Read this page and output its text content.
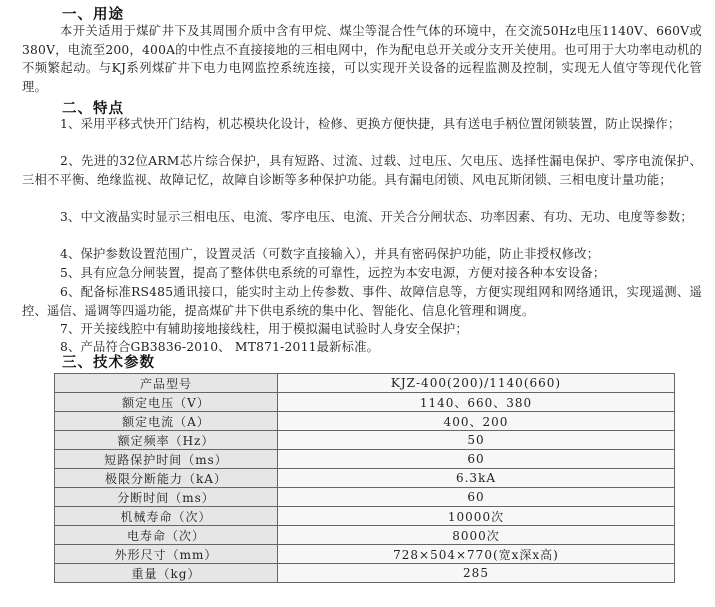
一、用途
本开关适用于煤矿井下及其周围介质中含有甲烷、煤尘等混合性气体的环境中，在交流50Hz电压1140V、660V或380V，电流至200，400A的中性点不直接接地的三相电网中，作为配电总开关或分支开关使用。也可用于大功率电动机的不频繁起动。与KJ系列煤矿井下电力电网监控系统连接，可以实现开关设备的远程监测及控制，实现无人值守等现代化管理。
二、特点
1、采用平移式快开门结构，机芯模块化设计，检修、更换方便快捷，具有送电手柄位置闭锁装置，防止误操作；
2、先进的32位ARM芯片综合保护，具有短路、过流、过载、过电压、欠电压、选择性漏电保护、零序电流保护、三相不平衡、绝缘监视、故障记忆，故障自诊断等多种保护功能。具有漏电闭锁、风电瓦斯闭锁、三相电度计量功能；
3、中文液晶实时显示三相电压、电流、零序电压、电流、开关合分闸状态、功率因素、有功、无功、电度等参数；
4、保护参数设置范围广，设置灵活（可数字直接输入），并具有密码保护功能，防止非授权修改；
5、具有应急分闸装置，提高了整体供电系统的可靠性，远控为本安电源，方便对接各种本安设备；
6、配备标准RS485通讯接口，能实时主动上传参数、事件、故障信息等，方便实现组网和网络通讯，实现遥测、遥控、遥信、遥调等四遥功能，提高煤矿井下供电系统的集中化、智能化、信息化管理和调度。
7、开关接线腔中有辅助接地接线柱，用于模拟漏电试验时人身安全保护；
8、产品符合GB3836-2010、 MT871-2011最新标准。
三、技术参数
产品型号	KJZ-400(200)/1140(660)
额定电压（V）	1140、660、380
额定电流（A）	400、200
额定频率（Hz）	50
短路保护时间（ms）	60
极限分断能力（kA）	6.3kA
分断时间（ms）	60
机械寿命（次）	10000次
电寿命（次）	8000次
外形尺寸（mm）	728×504×770(宽x深x高)
重量（kg）	285
